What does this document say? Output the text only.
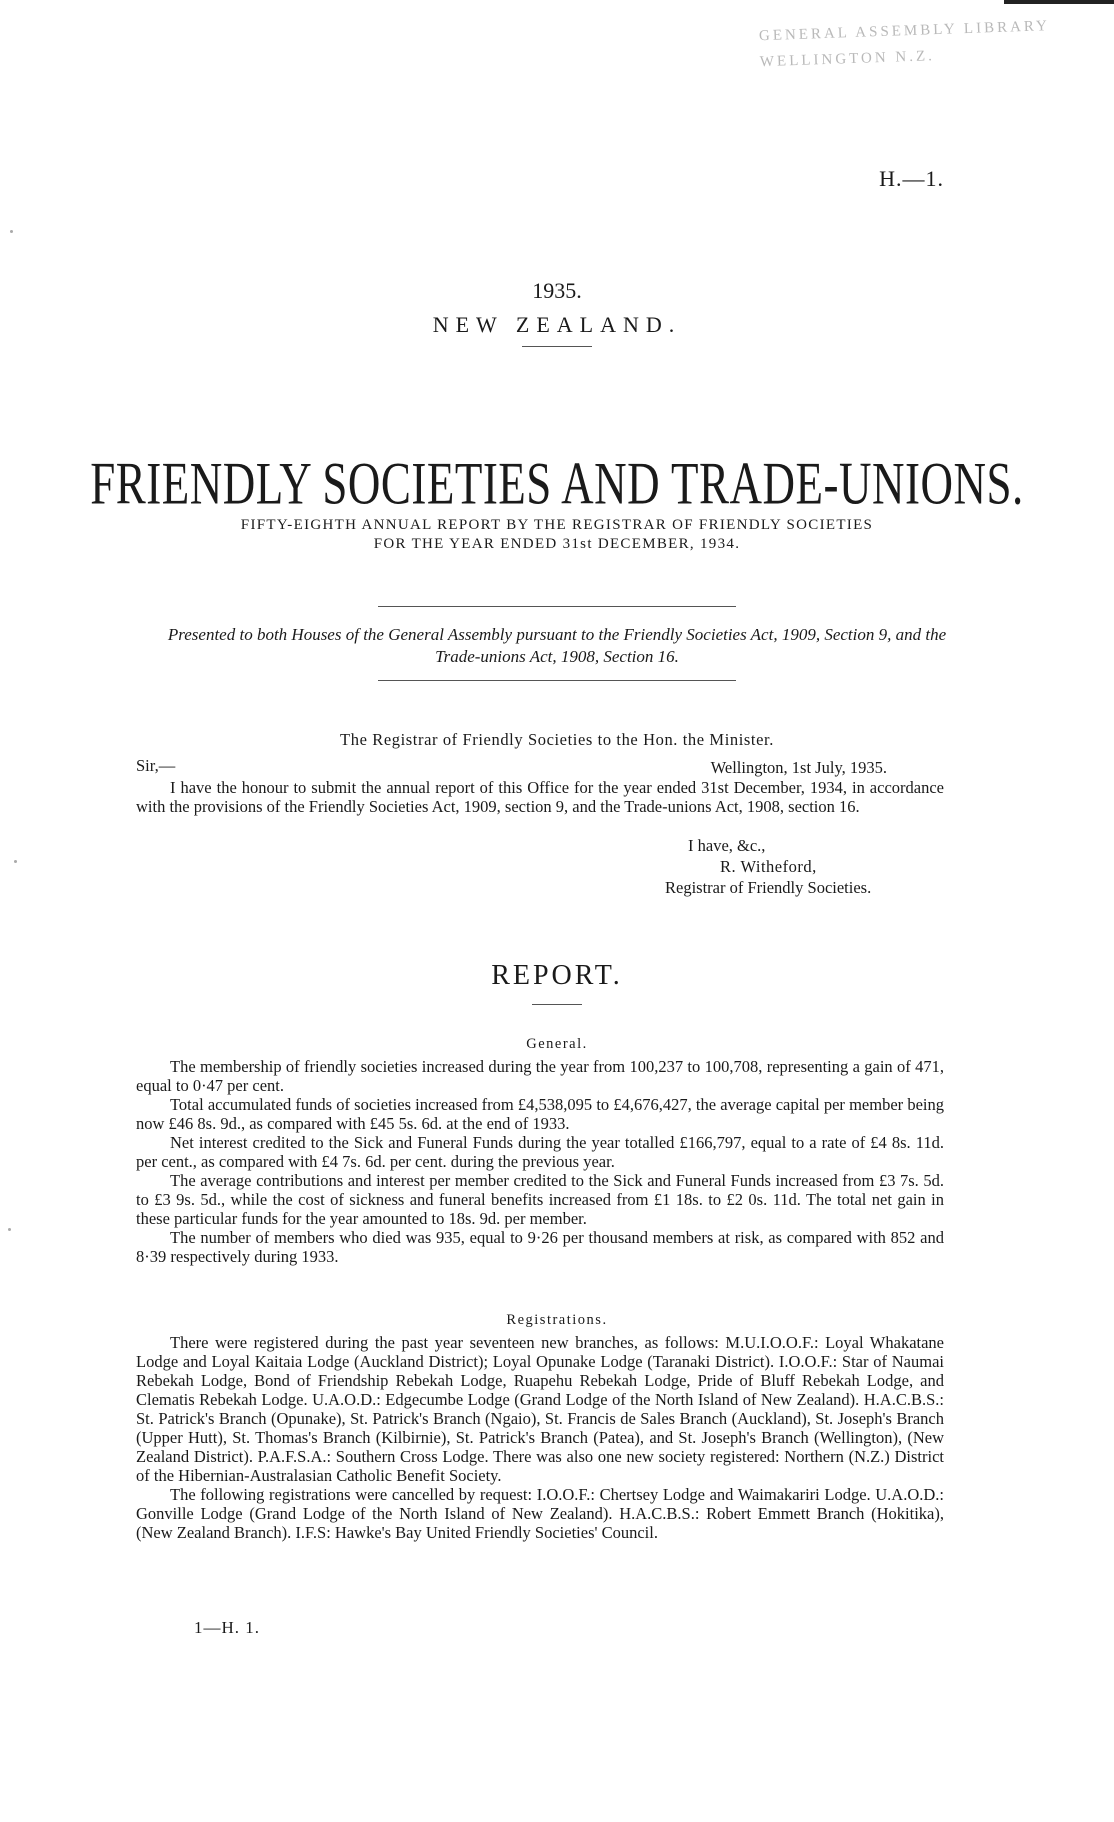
GENERAL ASSEMBLY LIBRARY WELLINGTON N.Z.
H.—1.
1935.
NEW ZEALAND.
FRIENDLY SOCIETIES AND TRADE-UNIONS.
FIFTY-EIGHTH ANNUAL REPORT BY THE REGISTRAR OF FRIENDLY SOCIETIES
FOR THE YEAR ENDED 31st DECEMBER, 1934.
Presented to both Houses of the General Assembly pursuant to the Friendly Societies Act, 1909, Section 9, and the Trade-unions Act, 1908, Section 16.
The Registrar of Friendly Societies to the Hon. the Minister.
Sir,—	Wellington, 1st July, 1935.
I have the honour to submit the annual report of this Office for the year ended 31st December, 1934, in accordance with the provisions of the Friendly Societies Act, 1909, section 9, and the Trade-unions Act, 1908, section 16.
I have, &c.,
R. Witheford,
Registrar of Friendly Societies.
REPORT.
General.

The membership of friendly societies increased during the year from 100,237 to 100,708, representing a gain of 471, equal to 0·47 per cent.

Total accumulated funds of societies increased from £4,538,095 to £4,676,427, the average capital per member being now £46 8s. 9d., as compared with £45 5s. 6d. at the end of 1933.

Net interest credited to the Sick and Funeral Funds during the year totalled £166,797, equal to a rate of £4 8s. 11d. per cent., as compared with £4 7s. 6d. per cent. during the previous year.

The average contributions and interest per member credited to the Sick and Funeral Funds increased from £3 7s. 5d. to £3 9s. 5d., while the cost of sickness and funeral benefits increased from £1 18s. to £2 0s. 11d. The total net gain in these particular funds for the year amounted to 18s. 9d. per member.

The number of members who died was 935, equal to 9·26 per thousand members at risk, as compared with 852 and 8·39 respectively during 1933.

Registrations.

There were registered during the past year seventeen new branches, as follows: M.U.I.O.O.F.: Loyal Whakatane Lodge and Loyal Kaitaia Lodge (Auckland District); Loyal Opunake Lodge (Taranaki District). I.O.O.F.: Star of Naumai Rebekah Lodge, Bond of Friendship Rebekah Lodge, Ruapehu Rebekah Lodge, Pride of Bluff Rebekah Lodge, and Clematis Rebekah Lodge. U.A.O.D.: Edgecumbe Lodge (Grand Lodge of the North Island of New Zealand). H.A.C.B.S.: St. Patrick's Branch (Opunake), St. Patrick's Branch (Ngaio), St. Francis de Sales Branch (Auckland), St. Joseph's Branch (Upper Hutt), St. Thomas's Branch (Kilbirnie), St. Patrick's Branch (Patea), and St. Joseph's Branch (Wellington), (New Zealand District). P.A.F.S.A.: Southern Cross Lodge. There was also one new society registered: Northern (N.Z.) District of the Hibernian-Australasian Catholic Benefit Society.

The following registrations were cancelled by request: I.O.O.F.: Chertsey Lodge and Waimakariri Lodge. U.A.O.D.: Gonville Lodge (Grand Lodge of the North Island of New Zealand). H.A.C.B.S.: Robert Emmett Branch (Hokitika), (New Zealand Branch). I.F.S: Hawke's Bay United Friendly Societies' Council.

1—H. 1.
